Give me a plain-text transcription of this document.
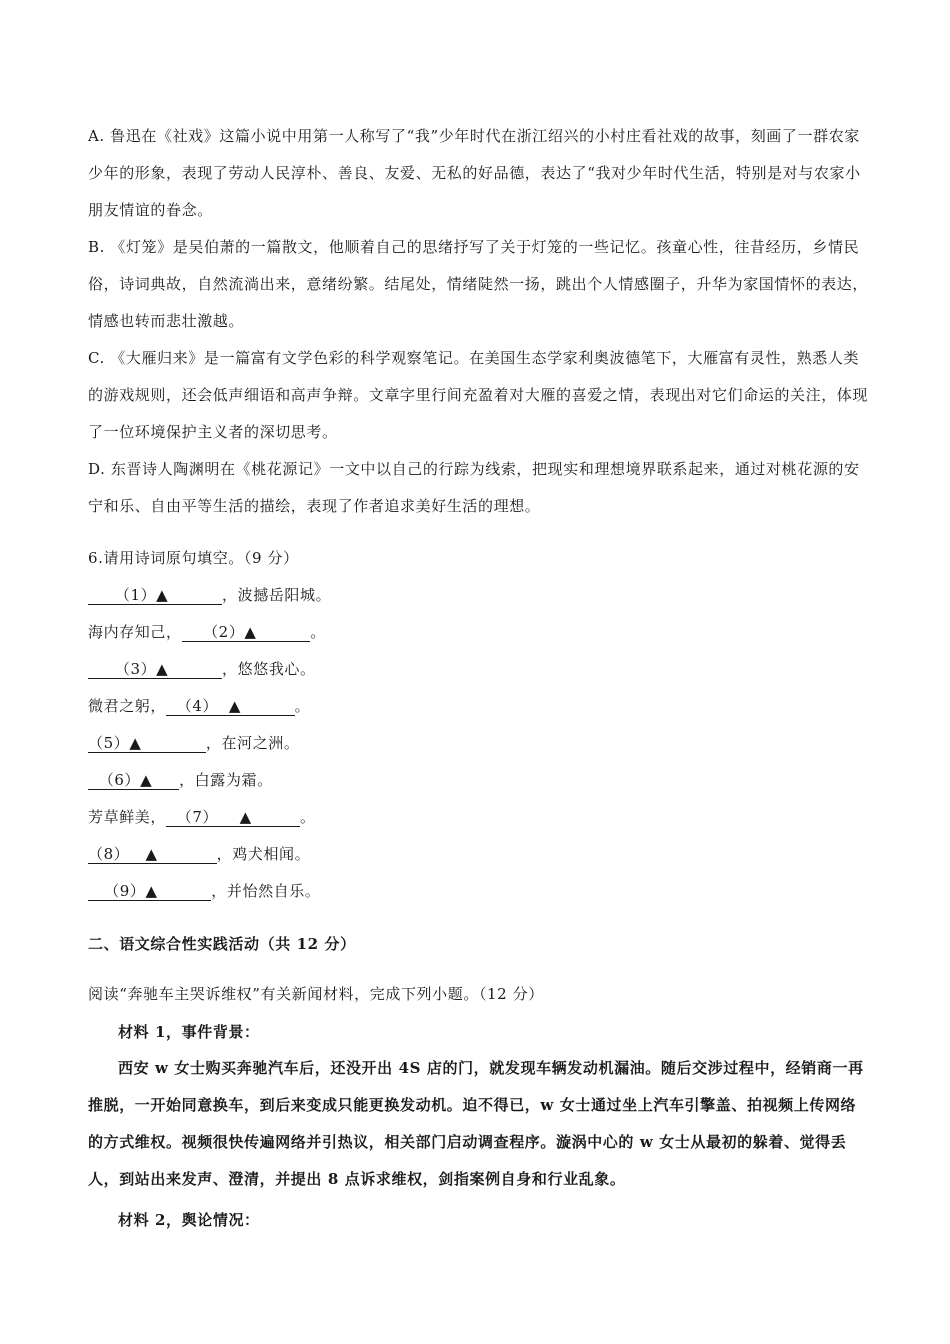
A. 鲁迅在《社戏》这篇小说中用第一人称写了“我”少年时代在浙江绍兴的小村庄看社戏的故事，刻画了一群农家少年的形象，表现了劳动人民淳朴、善良、友爱、无私的好品德，表达了“我对少年时代生活，特别是对与农家小朋友情谊的眷念。

B. 《灯笼》是吴伯萧的一篇散文，他顺着自己的思绪抒写了关于灯笼的一些记忆。孩童心性，往昔经历，乡情民俗，诗词典故，自然流淌出来，意绪纷繁。结尾处，情绪陡然一扬，跳出个人情感圈子，升华为家国情怀的表达，情感也转而悲壮激越。

C. 《大雁归来》是一篇富有文学色彩的科学观察笔记。在美国生态学家利奥波德笔下，大雁富有灵性，熟悉人类的游戏规则，还会低声细语和高声争辩。文章字里行间充盈着对大雁的喜爱之情，表现出对它们命运的关注，体现了一位环境保护主义者的深切思考。

D. 东晋诗人陶渊明在《桃花源记》一文中以自己的行踪为线索，把现实和理想境界联系起来，通过对桃花源的安宁和乐、自由平等生活的描绘，表现了作者追求美好生活的理想。

6.请用诗词原句填空。（9 分）
（1）▲          ，波撼岳阳城。
海内存知己，    （2）▲          。
（3）▲          ，悠悠我心。
微君之躬，  （4）  ▲          。
（5）▲            ，在河之洲。
（6）▲     ，白露为霜。
芳草鲜美，  （7）    ▲         。
（8）   ▲           ，鸡犬相闻。
（9）▲          ，并怡然自乐。
二、语文综合性实践活动（共 12 分）
阅读“奔驰车主哭诉维权”有关新闻材料，完成下列小题。（12 分）
材料 1，事件背景：

西安 w 女士购买奔驰汽车后，还没开出 4S 店的门，就发现车辆发动机漏油。随后交涉过程中，经销商一再推脱，一开始同意换车，到后来变成只能更换发动机。迫不得已，w 女士通过坐上汽车引擎盖、拍视频上传网络的方式维权。视频很快传遍网络并引热议，相关部门启动调查程序。漩涡中心的 w 女士从最初的躲着、觉得丢人，到站出来发声、澄清，并提出 8 点诉求维权，剑指案例自身和行业乱象。

材料 2，舆论情况：
